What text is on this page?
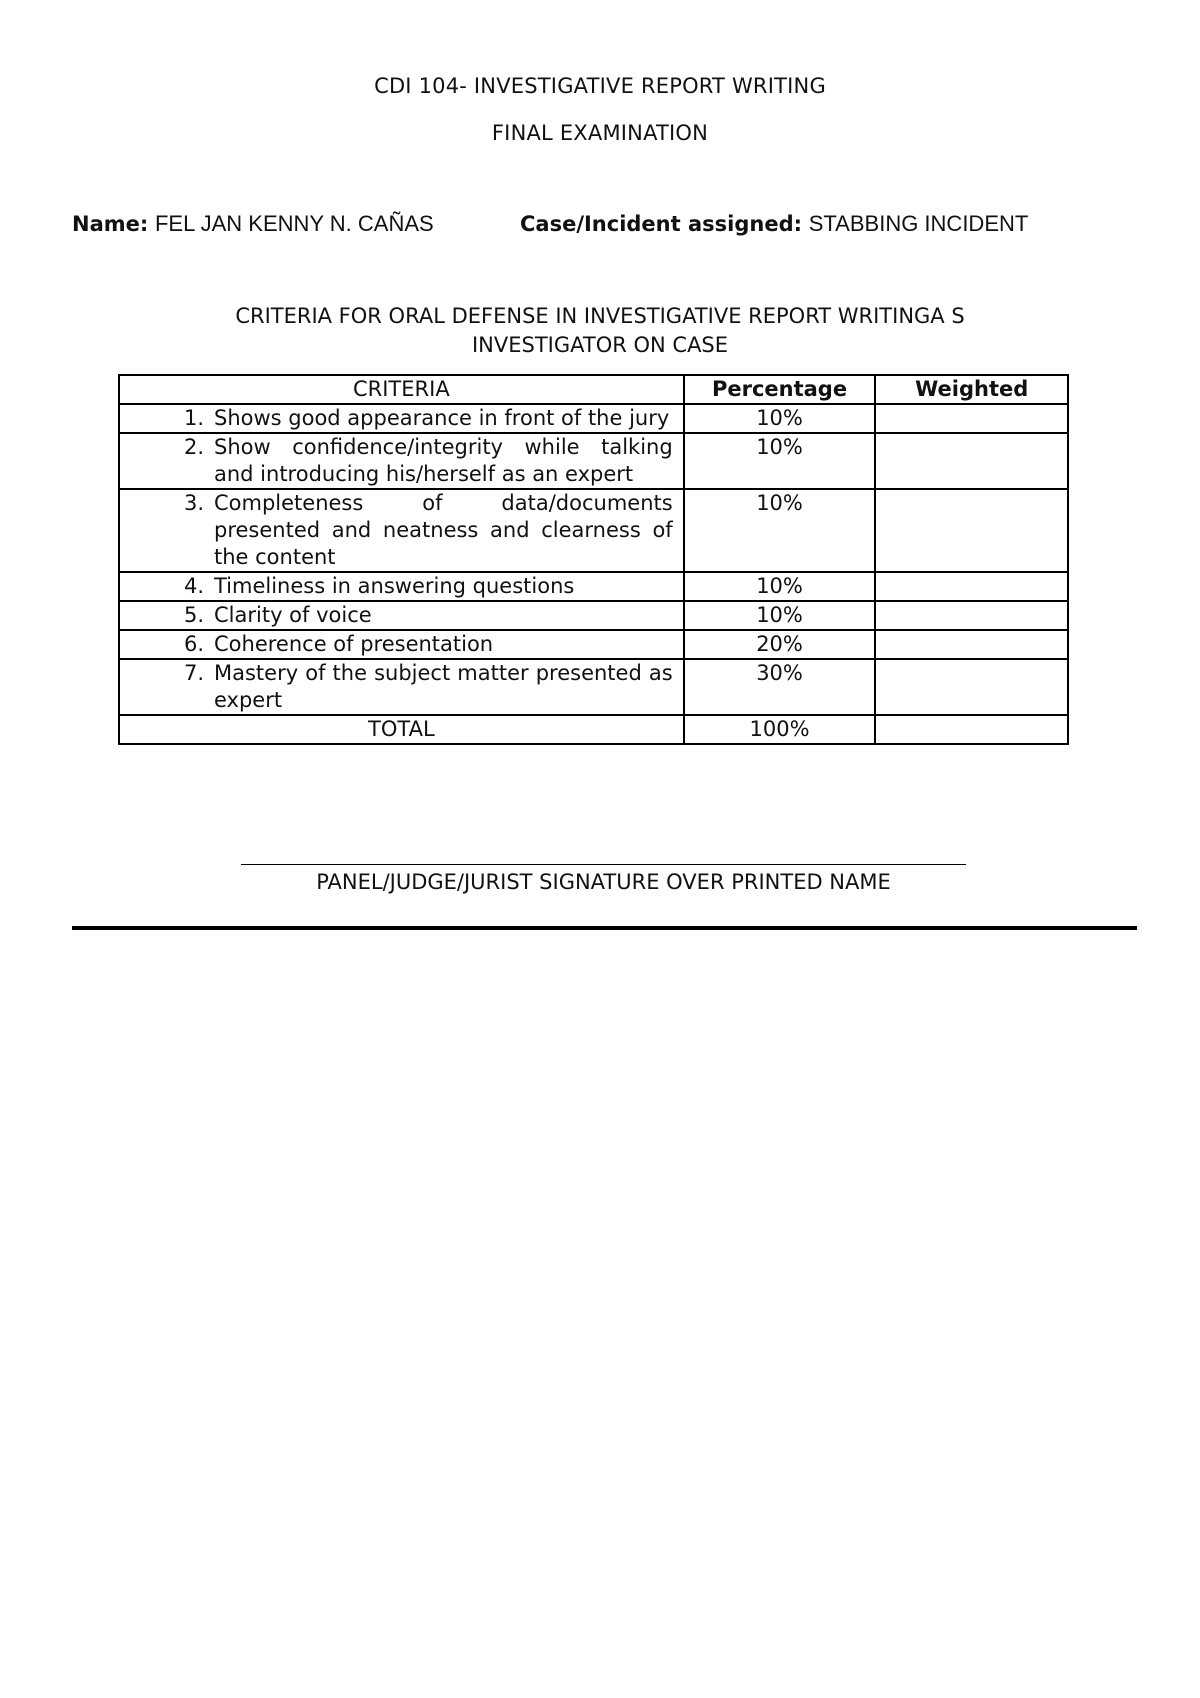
CDI 104- INVESTIGATIVE REPORT WRITING
FINAL EXAMINATION
Name: FEL JAN KENNY N. CAÑAS	Case/Incident assigned: STABBING INCIDENT
CRITERIA FOR ORAL DEFENSE IN INVESTIGATIVE REPORT WRITINGA S
INVESTIGATOR ON CASE
CRITERIA	Percentage	Weighted

1. Shows good appearance in front of the jury	10%	

2. Show confidence/integrity while talking and introducing his/herself as an expert	10%	

3. Completeness of data/documents presented and neatness and clearness of the content	10%	

4. Timeliness in answering questions	10%	

5. Clarity of voice	10%	

6. Coherence of presentation	20%	

7. Mastery of the subject matter presented as expert	30%	
TOTAL	100%	
PANEL/JUDGE/JURIST SIGNATURE OVER PRINTED NAME
